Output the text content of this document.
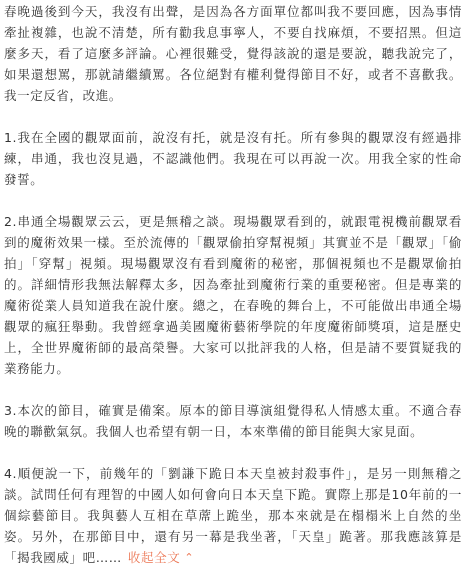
春晚過後到今天，我沒有出聲，是因為各方面單位都叫我不要回應，因為事情牽扯複雜，也說不清楚，所有勸我息事寧人，不要自找麻煩，不要招黑。但這麼多天，看了這麼多評論。心裡很難受，覺得該說的還是要說，聽我說完了，如果還想罵，那就請繼續罵。各位絕對有權利覺得節目不好，或者不喜歡我。我一定反省，改進。

1.我在全國的觀眾面前，說沒有托，就是沒有托。所有參與的觀眾沒有經過排練，串通，我也沒見過，不認識他們。我現在可以再說一次。用我全家的性命發誓。

2.串通全場觀眾云云，更是無稽之談。現場觀眾看到的，就跟電視機前觀眾看到的魔術效果一樣。至於流傳的「觀眾偷拍穿幫視頻」其實並不是「觀眾」「偷拍」「穿幫」視頻。現場觀眾沒有看到魔術的秘密，那個視頻也不是觀眾偷拍的。詳細情形我無法解釋太多，因為牽扯到魔術行業的重要秘密。但是專業的魔術從業人員知道我在說什麼。總之，在春晚的舞台上，不可能做出串通全場觀眾的瘋狂舉動。我曾經拿過美國魔術藝術學院的年度魔術師獎項，這是歷史上，全世界魔術師的最高榮譽。大家可以批評我的人格，但是請不要質疑我的業務能力。

3.本次的節目，確實是備案。原本的節目導演組覺得私人情感太重。不適合春晚的聯歡氣氛。我個人也希望有朝一日，本來準備的節目能與大家見面。

4.順便說一下，前幾年的「劉謙下跪日本天皇被封殺事件」，是另一則無稽之談。試問任何有理智的中國人如何會向日本天皇下跪。實際上那是10年前的一個綜藝節目。我與藝人互相在草蓆上跪坐，那本來就是在榻榻米上自然的坐姿。另外，在那節目中，還有另一幕是我坐著，「天皇」跪著。那我應該算是「揭我國威」吧…… 收起全文 ⌃
